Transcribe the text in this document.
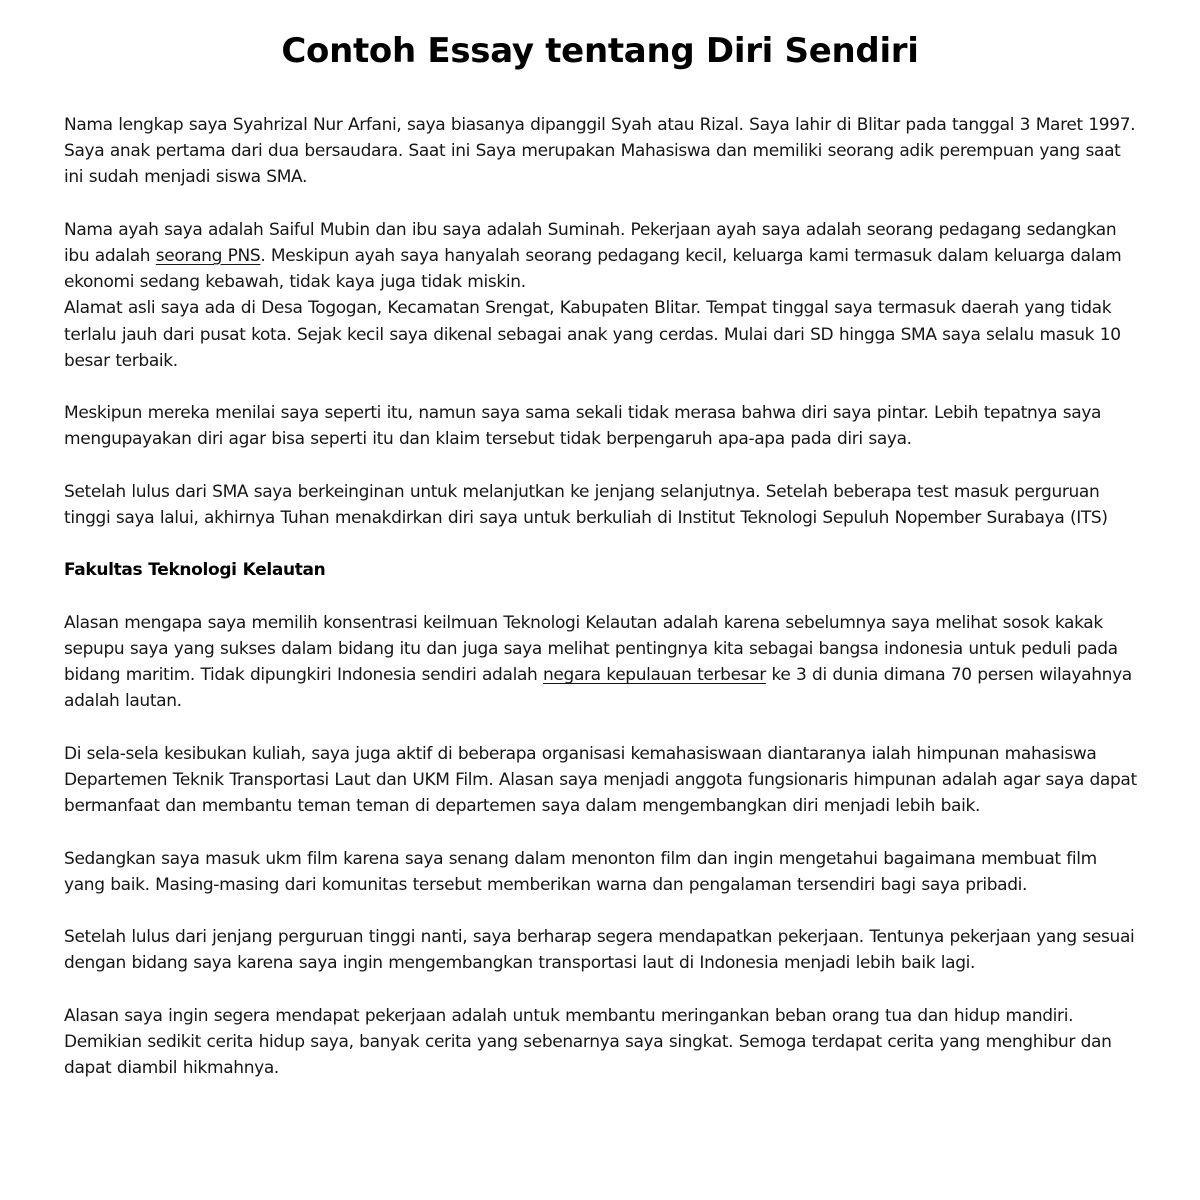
Contoh Essay tentang Diri Sendiri

Nama lengkap saya Syahrizal Nur Arfani, saya biasanya dipanggil Syah atau Rizal. Saya lahir di Blitar pada tanggal 3 Maret 1997. Saya anak pertama dari dua bersaudara. Saat ini Saya merupakan Mahasiswa dan memiliki seorang adik perempuan yang saat ini sudah menjadi siswa SMA.

Nama ayah saya adalah Saiful Mubin dan ibu saya adalah Suminah. Pekerjaan ayah saya adalah seorang pedagang sedangkan ibu adalah seorang PNS. Meskipun ayah saya hanyalah seorang pedagang kecil, keluarga kami termasuk dalam keluarga dalam ekonomi sedang kebawah, tidak kaya juga tidak miskin.

Alamat asli saya ada di Desa Togogan, Kecamatan Srengat, Kabupaten Blitar. Tempat tinggal saya termasuk daerah yang tidak terlalu jauh dari pusat kota. Sejak kecil saya dikenal sebagai anak yang cerdas. Mulai dari SD hingga SMA saya selalu masuk 10 besar terbaik.

Meskipun mereka menilai saya seperti itu, namun saya sama sekali tidak merasa bahwa diri saya pintar. Lebih tepatnya saya mengupayakan diri agar bisa seperti itu dan klaim tersebut tidak berpengaruh apa-apa pada diri saya.

Setelah lulus dari SMA saya berkeinginan untuk melanjutkan ke jenjang selanjutnya. Setelah beberapa test masuk perguruan tinggi saya lalui, akhirnya Tuhan menakdirkan diri saya untuk berkuliah di Institut Teknologi Sepuluh Nopember Surabaya (ITS)

Fakultas Teknologi Kelautan

Alasan mengapa saya memilih konsentrasi keilmuan Teknologi Kelautan adalah karena sebelumnya saya melihat sosok kakak sepupu saya yang sukses dalam bidang itu dan juga saya melihat pentingnya kita sebagai bangsa indonesia untuk peduli pada bidang maritim. Tidak dipungkiri Indonesia sendiri adalah negara kepulauan terbesar ke 3 di dunia dimana 70 persen wilayahnya adalah lautan.

Di sela-sela kesibukan kuliah, saya juga aktif di beberapa organisasi kemahasiswaan diantaranya ialah himpunan mahasiswa Departemen Teknik Transportasi Laut dan UKM Film. Alasan saya menjadi anggota fungsionaris himpunan adalah agar saya dapat bermanfaat dan membantu teman teman di departemen saya dalam mengembangkan diri menjadi lebih baik.

Sedangkan saya masuk ukm film karena saya senang dalam menonton film dan ingin mengetahui bagaimana membuat film yang baik. Masing-masing dari komunitas tersebut memberikan warna dan pengalaman tersendiri bagi saya pribadi.

Setelah lulus dari jenjang perguruan tinggi nanti, saya berharap segera mendapatkan pekerjaan. Tentunya pekerjaan yang sesuai dengan bidang saya karena saya ingin mengembangkan transportasi laut di Indonesia menjadi lebih baik lagi.

Alasan saya ingin segera mendapat pekerjaan adalah untuk membantu meringankan beban orang tua dan hidup mandiri. Demikian sedikit cerita hidup saya, banyak cerita yang sebenarnya saya singkat. Semoga terdapat cerita yang menghibur dan dapat diambil hikmahnya.
